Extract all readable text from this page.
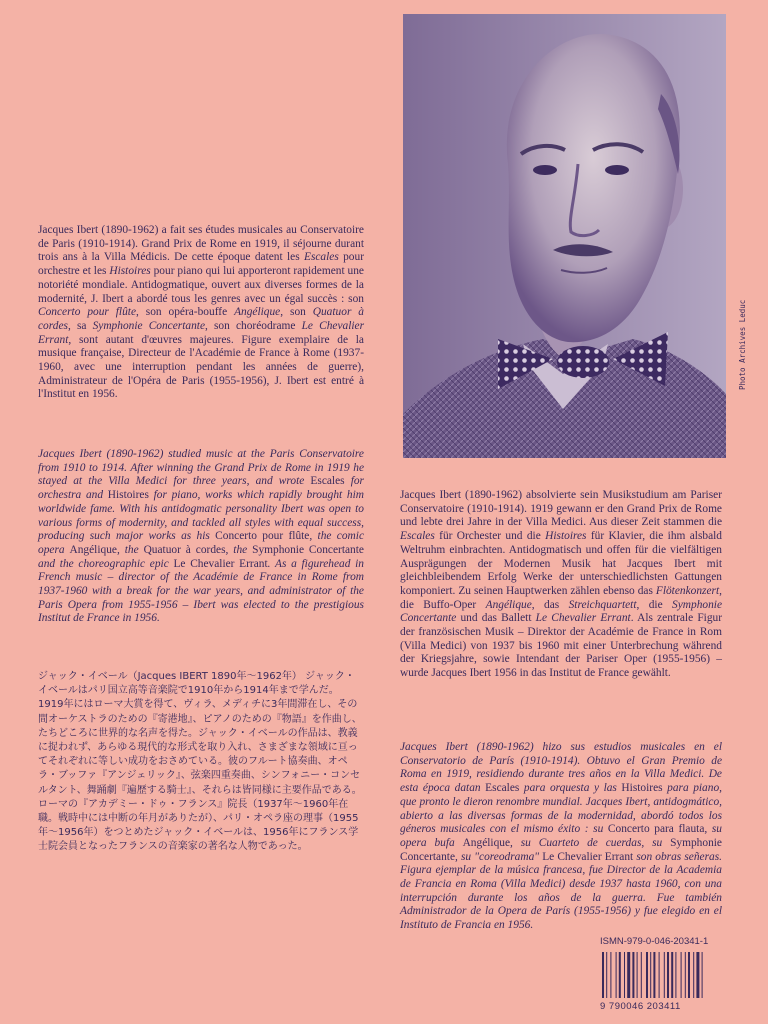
Photo Archives Leduc

Jacques Ibert (1890-1962) a fait ses études musicales au Conservatoire de Paris (1910-1914). Grand Prix de Rome en 1919, il séjourne durant trois ans à la Villa Médicis. De cette époque datent les Escales pour orchestre et les Histoires pour piano qui lui apporteront rapidement une notoriété mondiale. Antidogmatique, ouvert aux diverses formes de la modernité, J. Ibert a abordé tous les genres avec un égal succès : son Concerto pour flûte, son opéra-bouffe Angélique, son Quatuor à cordes, sa Symphonie Concertante, son choréodrame Le Chevalier Errant, sont autant d'œuvres majeures. Figure exemplaire de la musique française, Directeur de l'Académie de France à Rome (1937-1960, avec une interruption pendant les années de guerre), Administrateur de l'Opéra de Paris (1955-1956), J. Ibert est entré à l'Institut en 1956.

Jacques Ibert (1890-1962) studied music at the Paris Conservatoire from 1910 to 1914. After winning the Grand Prix de Rome in 1919 he stayed at the Villa Medici for three years, and wrote Escales for orchestra and Histoires for piano, works which rapidly brought him worldwide fame. With his antidogmatic personality Ibert was open to various forms of modernity, and tackled all styles with equal success, producing such major works as his Concerto pour flûte, the comic opera Angélique, the Quatuor à cordes, the Symphonie Concertante and the choreographic epic Le Chevalier Errant. As a figurehead in French music – director of the Académie de France in Rome from 1937-1960 with a break for the war years, and administrator of the Paris Opera from 1955-1956 – Ibert was elected to the prestigious Institut de France in 1956.

ジャック・イベール（Jacques IBERT 1890年〜1962年） ジャック・イベールはパリ国立高等音楽院で1910年から1914年まで学んだ。1919年にはローマ大賞を得て、ヴィラ、メディチに3年間滞在し、その間オーケストラのための『寄港地』、ピアノのための『物語』を作曲し、たちどころに世界的な名声を得た。ジャック・イベールの作品は、教義に捉われず、あらゆる現代的な形式を取り入れ、さまざまな領域に亘ってそれぞれに等しい成功をおさめている。彼のフルート協奏曲、オペラ・ブッファ『アンジェリック』、弦楽四重奏曲、シンフォニー・コンセルタント、舞踊劇『遍歴する騎士』、それらは皆同様に主要作品である。ローマの『アカデミー・ドゥ・フランス』院長（1937年〜1960年在職。戦時中には中断の年月がありたが）、パリ・オペラ座の理事（1955年〜1956年）をつとめたジャック・イベールは、1956年にフランス学士院会員となったフランスの音楽家の著名な人物であった。

Jacques Ibert (1890-1962) absolvierte sein Musikstudium am Pariser Conservatoire (1910-1914). 1919 gewann er den Grand Prix de Rome und lebte drei Jahre in der Villa Medici. Aus dieser Zeit stammen die Escales für Orchester und die Histoires für Klavier, die ihm alsbald Weltruhm einbrachten. Antidogmatisch und offen für die vielfältigen Ausprägungen der Modernen Musik hat Jacques Ibert mit gleichbleibendem Erfolg Werke der unterschiedlichsten Gattungen komponiert. Zu seinen Hauptwerken zählen ebenso das Flötenkonzert, die Buffo-Oper Angélique, das Streichquartett, die Symphonie Concertante und das Ballett Le Chevalier Errant. Als zentrale Figur der französischen Musik – Direktor der Académie de France in Rom (Villa Medici) von 1937 bis 1960 mit einer Unterbrechung während der Kriegsjahre, sowie Intendant der Pariser Oper (1955-1956) – wurde Jacques Ibert 1956 in das Institut de France gewählt.

Jacques Ibert (1890-1962) hizo sus estudios musicales en el Conservatorio de París (1910-1914). Obtuvo el Gran Premio de Roma en 1919, residiendo durante tres años en la Villa Medici. De esta época datan Escales para orquesta y las Histoires para piano, que pronto le dieron renombre mundial. Jacques Ibert, antidogmático, abierto a las diversas formas de la modernidad, abordó todos los géneros musicales con el mismo éxito : su Concerto para flauta, su opera bufa Angélique, su Cuarteto de cuerdas, su Symphonie Concertante, su "coreodrama" Le Chevalier Errant son obras señeras. Figura ejemplar de la música francesa, fue Director de la Academia de Francia en Roma (Villa Medici) desde 1937 hasta 1960, con una interrupción durante los años de la guerra. Fue también Administrador de la Opera de París (1955-1956) y fue elegido en el Instituto de Francia en 1956.

ISMN-979-0-046-20341-1
9 790046 203411
